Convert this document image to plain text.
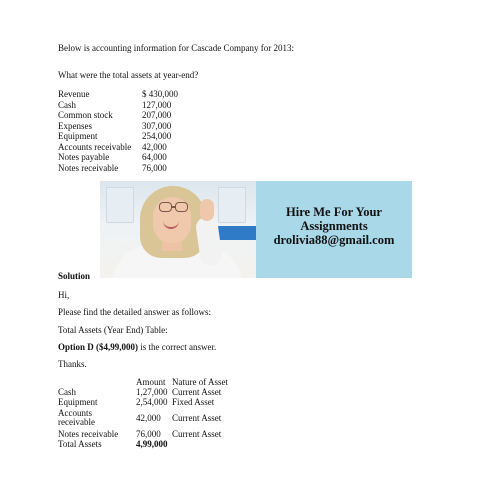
Below is accounting information for Cascade Company for 2013:
What were the total assets at year-end?
Revenue	$ 430,000
Cash	127,000
Common stock	207,000
Expenses	307,000
Equipment	254,000
Accounts receivable	42,000
Notes payable	64,000
Notes receivable	76,000
Hire Me For Your
Assignments
drolivia88@gmail.com
Solution
Hi,
Please find the detailed answer as follows:
Total Assets (Year End) Table:
Option D ($4,99,000) is the correct answer.
Thanks.
Amount Nature of Asset
Cash	1,27,000 Current Asset
Equipment	2,54,000 Fixed Asset
Accounts receivable	42,000	Current Asset
Notes receivable	76,000	Current Asset
Total Assets	4,99,000
